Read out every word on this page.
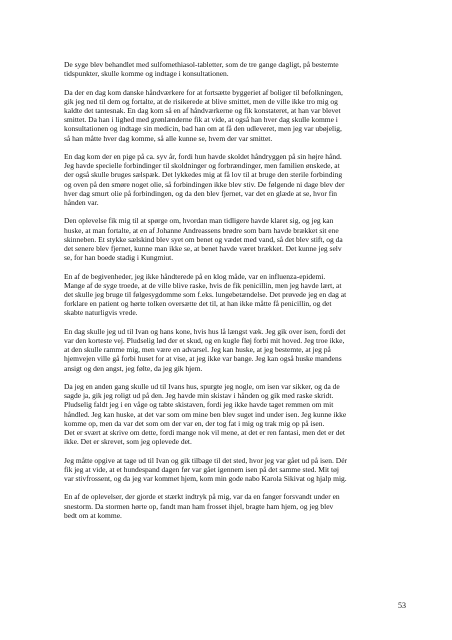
De syge blev behandlet med sulfomethiasol-tabletter, som de tre gange dagligt, på bestemte
tidspunkter, skulle komme og indtage i konsultationen.

Da der en dag kom danske håndværkere for at fortsætte byggeriet af boliger til befolkningen,
gik jeg ned til dem og fortalte, at de risikerede at blive smittet, men de ville ikke tro mig og
kaldte det tantesnak. En dag kom så en af håndværkerne og fik konstateret, at han var blevet
smittet. Da han i lighed med grønlænderne fik at vide, at også han hver dag skulle komme i
konsultationen og indtage sin medicin, bad han om at få den udleveret, men jeg var ubøjelig,
så han måtte hver dag komme, så alle kunne se, hvem der var smittet.

En dag kom der en pige på ca. syv år, fordi hun havde skoldet håndryggen på sin højre hånd.
Jeg havde specielle forbindinger til skoldninger og forbrændinger, men familien ønskede, at
der også skulle bruges sælspæk. Det lykkedes mig at få lov til at bruge den sterile forbinding
og oven på den smøre noget olie, så forbindingen ikke blev stiv. De følgende ni dage blev der
hver dag smurt olie på forbindingen, og da den blev fjernet, var det en glæde at se, hvor fin
hånden var.

Den oplevelse fik mig til at spørge om, hvordan man tidligere havde klaret sig, og jeg kan
huske, at man fortalte, at en af Johanne Andreassens brødre som barn havde brækket sit ene
skinneben. Et stykke sælskind blev syet om benet og vædet med vand, så det blev stift, og da
det senere blev fjernet, kunne man ikke se, at benet havde været brækket. Det kunne jeg selv
se, for han boede stadig i Kungmiut.

En af de begivenheder, jeg ikke håndterede på en klog måde, var en influenza-epidemi.
Mange af de syge troede, at de ville blive raske, hvis de fik penicillin, men jeg havde lært, at
det skulle jeg bruge til følgesygdomme som f.eks. lungebetændelse. Det prøvede jeg en dag at
forklare en patient og hørte tolken oversætte det til, at han ikke måtte få penicillin, og det
skabte naturligvis vrede.

En dag skulle jeg ud til Ivan og hans kone, hvis hus lå længst væk. Jeg gik over isen, fordi det
var den korteste vej. Pludselig lød der et skud, og en kugle fløj forbi mit hoved. Jeg troe ikke,
at den skulle ramme mig, men være en advarsel. Jeg kan huske, at jeg bestemte, at jeg på
hjemvejen ville gå forbi huset for at vise, at jeg ikke var bange. Jeg kan også huske mandens
ansigt og den angst, jeg følte, da jeg gik hjem.

Da jeg en anden gang skulle ud til Ivans hus, spurgte jeg nogle, om isen var sikker, og da de
sagde ja, gik jeg roligt ud på den. Jeg havde min skistav i hånden og gik med raske skridt.
Pludselig faldt jeg i en våge og tabte skistaven, fordi jeg ikke havde taget remmen om mit
håndled. Jeg kan huske, at det var som om mine ben blev suget ind under isen. Jeg kunne ikke
komme op, men da var det som om der var en, der tog fat i mig og trak mig op på isen.
Det er svært at skrive om dette, fordi mange nok vil mene, at det er ren fantasi, men det er det
ikke. Det er skrevet, som jeg oplevede det.

Jeg måtte opgive at tage ud til Ivan og gik tilbage til det sted, hvor jeg var gået ud på isen. Dér
fik jeg at vide, at et hundespand dagen før var gået igennem isen på det samme sted. Mit tøj
var stivfrossent, og da jeg var kommet hjem, kom min gode nabo Karola Sikivat og hjalp mig.

En af de oplevelser, der gjorde et stærkt indtryk på mig, var da en fanger forsvandt under en
snestorm. Da stormen hørte op, fandt man ham frosset ihjel, bragte ham hjem, og jeg blev
bedt om at komme.

53
